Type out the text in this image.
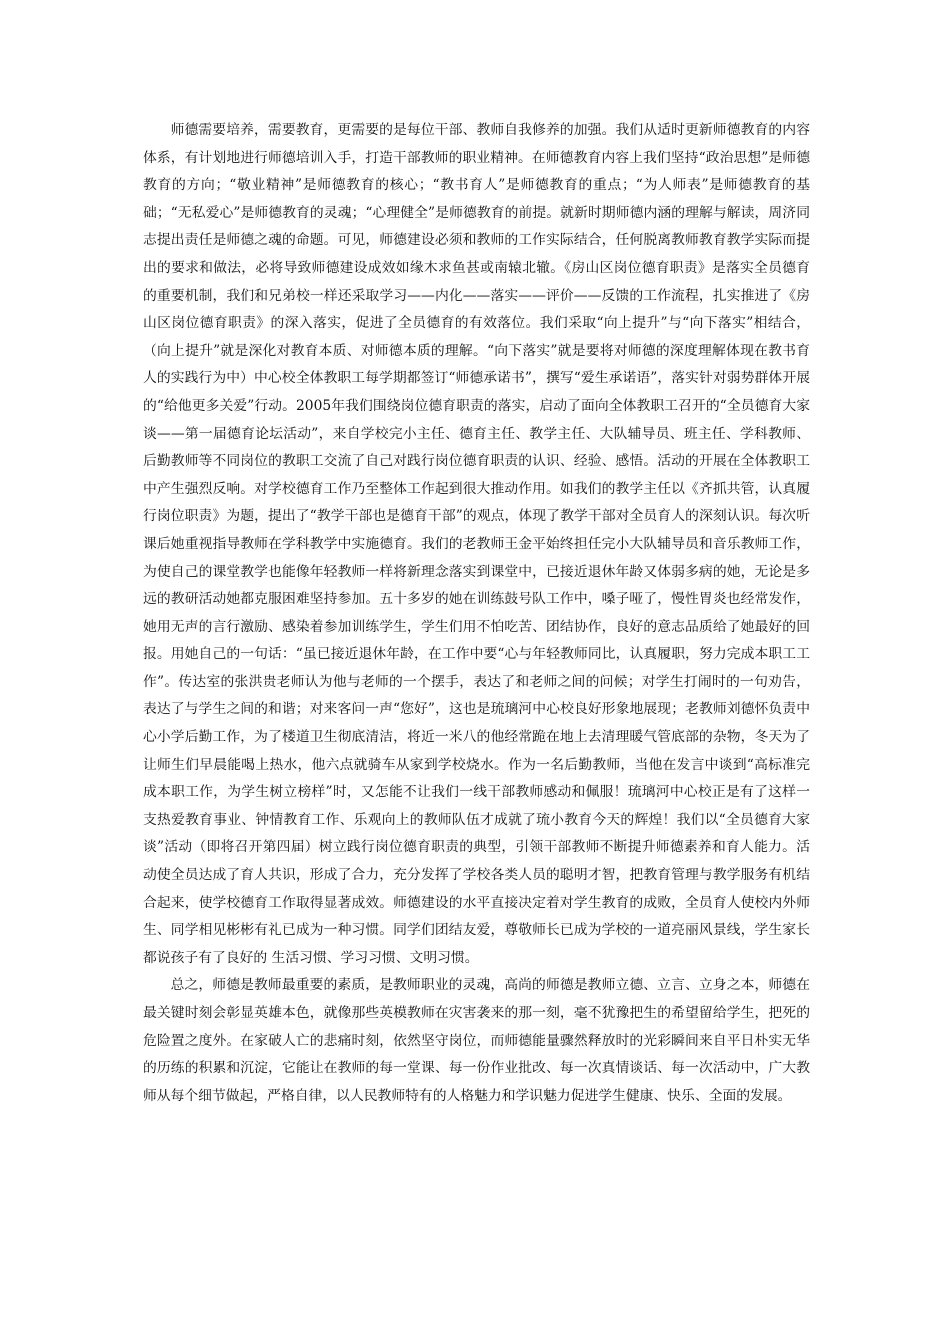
师德需要培养，需要教育，更需要的是每位干部、教师自我修养的加强。我们从适时更新师德教育的内容体系，有计划地进行师德培训入手，打造干部教师的职业精神。在师德教育内容上我们坚持“政治思想”是师德教育的方向；“敬业精神”是师德教育的核心；“教书育人”是师德教育的重点；“为人师表”是师德教育的基础；“无私爱心”是师德教育的灵魂；“心理健全”是师德教育的前提。就新时期师德内涵的理解与解读，周济同志提出责任是师德之魂的命题。可见，师德建设必须和教师的工作实际结合，任何脱离教师教育教学实际而提出的要求和做法，必将导致师德建设成效如缘木求鱼甚或南辕北辙。《房山区岗位德育职责》是落实全员德育的重要机制，我们和兄弟校一样还采取学习——内化——落实——评价——反馈的工作流程，扎实推进了《房山区岗位德育职责》的深入落实，促进了全员德育的有效落位。我们采取“向上提升”与“向下落实”相结合，（向上提升”就是深化对教育本质、对师德本质的理解。“向下落实”就是要将对师德的深度理解体现在教书育人的实践行为中）中心校全体教职工每学期都签订“师德承诺书”，撰写“爱生承诺语”，落实针对弱势群体开展的“给他更多关爱”行动。2005年我们围绕岗位德育职责的落实，启动了面向全体教职工召开的“全员德育大家谈——第一届德育论坛活动”，来自学校完小主任、德育主任、教学主任、大队辅导员、班主任、学科教师、后勤教师等不同岗位的教职工交流了自己对践行岗位德育职责的认识、经验、感悟。活动的开展在全体教职工中产生强烈反响。对学校德育工作乃至整体工作起到很大推动作用。如我们的教学主任以《齐抓共管，认真履行岗位职责》为题，提出了“教学干部也是德育干部”的观点，体现了教学干部对全员育人的深刻认识。每次听课后她重视指导教师在学科教学中实施德育。我们的老教师王金平始终担任完小大队辅导员和音乐教师工作，为使自己的课堂教学也能像年轻教师一样将新理念落实到课堂中，已接近退休年龄又体弱多病的她，无论是多远的教研活动她都克服困难坚持参加。五十多岁的她在训练鼓号队工作中，嗓子哑了，慢性胃炎也经常发作，她用无声的言行激励、感染着参加训练学生，学生们用不怕吃苦、团结协作，良好的意志品质给了她最好的回报。用她自己的一句话：“虽已接近退休年龄，在工作中要“心与年轻教师同比，认真履职，努力完成本职工工作”。传达室的张洪贵老师认为他与老师的一个摆手，表达了和老师之间的问候；对学生打闹时的一句劝告，表达了与学生之间的和谐；对来客问一声“您好”，这也是琉璃河中心校良好形象地展现；老教师刘德怀负责中心小学后勤工作，为了楼道卫生彻底清洁，将近一米八的他经常跪在地上去清理暖气管底部的杂物，冬天为了让师生们早晨能喝上热水，他六点就骑车从家到学校烧水。作为一名后勤教师，当他在发言中谈到“高标准完成本职工作，为学生树立榜样”时，又怎能不让我们一线干部教师感动和佩服！琉璃河中心校正是有了这样一支热爱教育事业、钟情教育工作、乐观向上的教师队伍才成就了琉小教育今天的辉煌！我们以“全员德育大家谈”活动（即将召开第四届）树立践行岗位德育职责的典型，引领干部教师不断提升师德素养和育人能力。活动使全员达成了育人共识，形成了合力，充分发挥了学校各类人员的聪明才智，把教育管理与教学服务有机结合起来，使学校德育工作取得显著成效。师德建设的水平直接决定着对学生教育的成败，全员育人使校内外师生、同学相见彬彬有礼已成为一种习惯。同学们团结友爱，尊敬师长已成为学校的一道亮丽风景线，学生家长都说孩子有了良好的 生活习惯、学习习惯、文明习惯。

总之，师德是教师最重要的素质，是教师职业的灵魂，高尚的师德是教师立德、立言、立身之本，师德在最关键时刻会彰显英雄本色，就像那些英模教师在灾害袭来的那一刻，毫不犹豫把生的希望留给学生，把死的危险置之度外。在家破人亡的悲痛时刻，依然坚守岗位，而师德能量骤然释放时的光彩瞬间来自平日朴实无华的历练的积累和沉淀，它能让在教师的每一堂课、每一份作业批改、每一次真情谈话、每一次活动中，广大教师从每个细节做起，严格自律，以人民教师特有的人格魅力和学识魅力促进学生健康、快乐、全面的发展。
